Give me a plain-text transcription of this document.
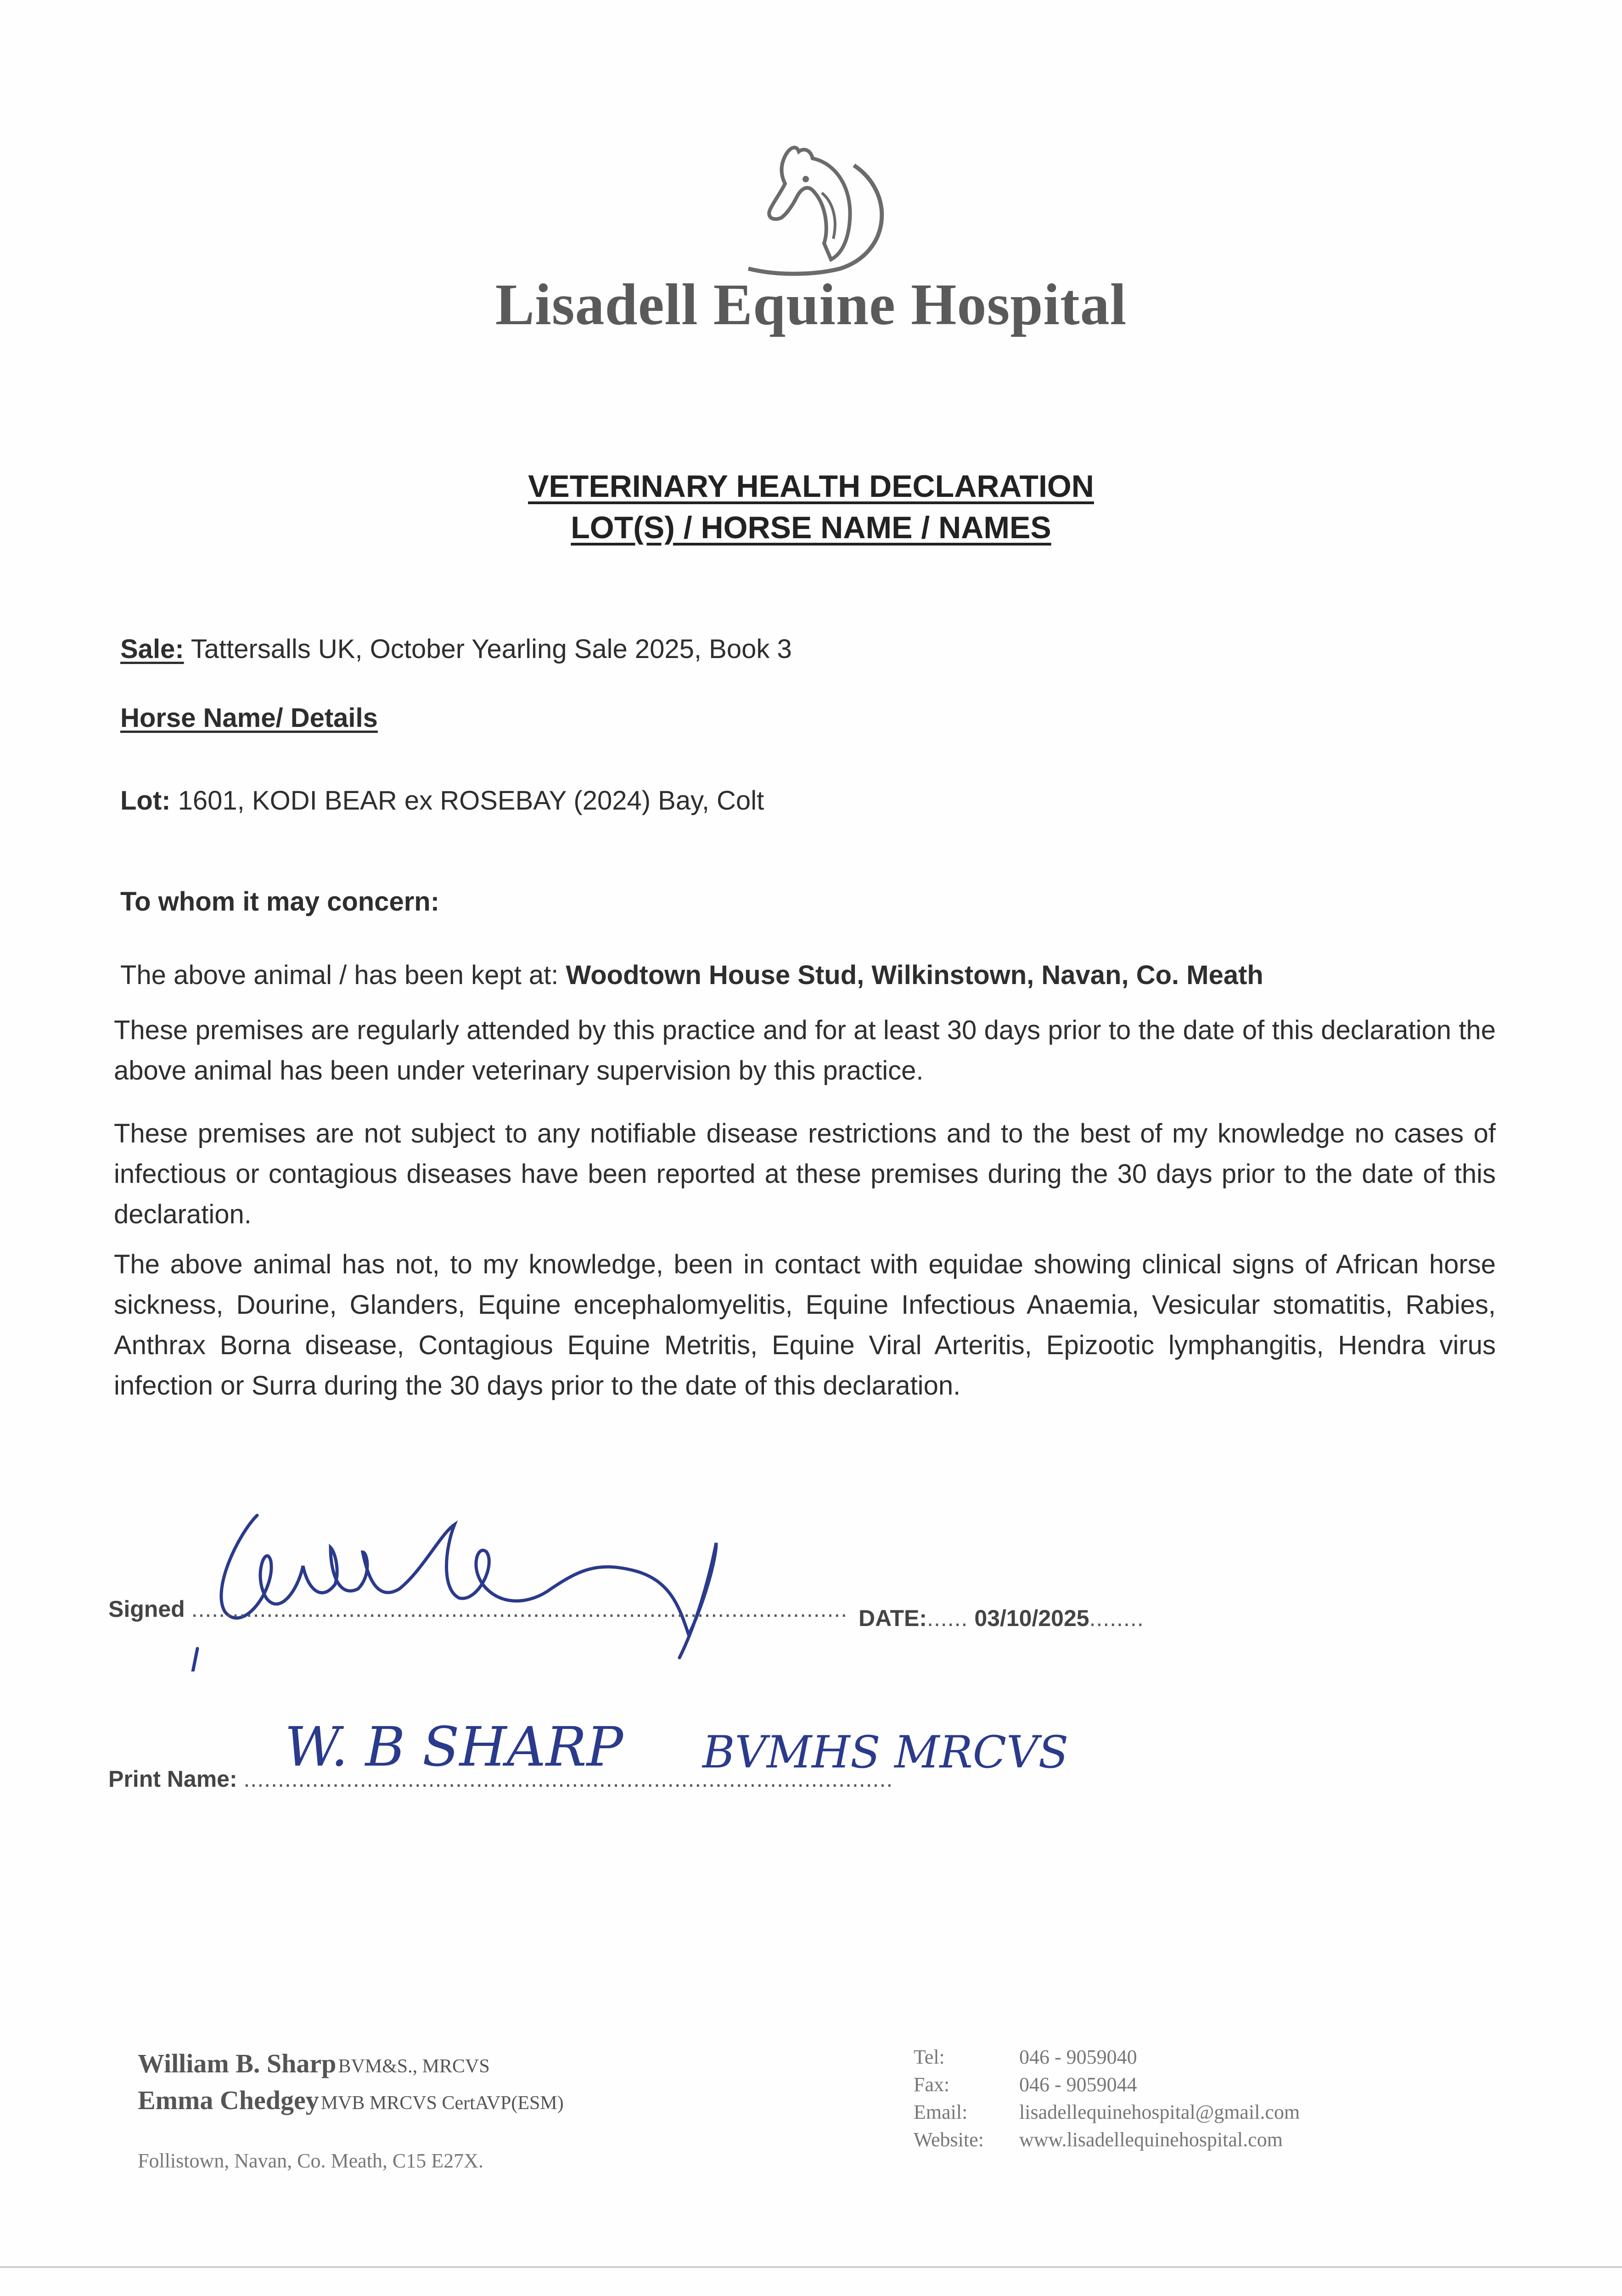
Lisadell Equine Hospital
VETERINARY HEALTH DECLARATION
LOT(S) / HORSE NAME / NAMES
Sale: Tattersalls UK, October Yearling Sale 2025, Book 3
Horse Name/ Details
Lot: 1601, KODI BEAR ex ROSEBAY (2024) Bay, Colt
To whom it may concern:
The above animal / has been kept at: Woodtown House Stud, Wilkinstown, Navan, Co. Meath
These premises are regularly attended by this practice and for at least 30 days prior to the date of this declaration the above animal has been under veterinary supervision by this practice.
These premises are not subject to any notifiable disease restrictions and to the best of my knowledge no cases of infectious or contagious diseases have been reported at these premises during the 30 days prior to the date of this declaration.
The above animal has not, to my knowledge, been in contact with equidae showing clinical signs of African horse sickness, Dourine, Glanders, Equine encephalomyelitis, Equine Infectious Anaemia, Vesicular stomatitis, Rabies, Anthrax Borna disease, Contagious Equine Metritis, Equine Viral Arteritis, Epizootic lymphangitis, Hendra virus infection or Surra during the 30 days prior to the date of this declaration.
Signed ................................................................................................ DATE:...... 03/10/2025........
Print Name: ...............................................................................................
W. B SHARP BVMHS MRCVS
William B. Sharp BVM&S., MRCVS
Emma Chedgey MVB MRCVS CertAVP(ESM)
Follistown, Navan, Co. Meath, C15 E27X.
Tel:	046 - 9059040
Fax:	046 - 9059044
Email:	lisadellequinehospital@gmail.com
Website: www.lisadellequinehospital.com
